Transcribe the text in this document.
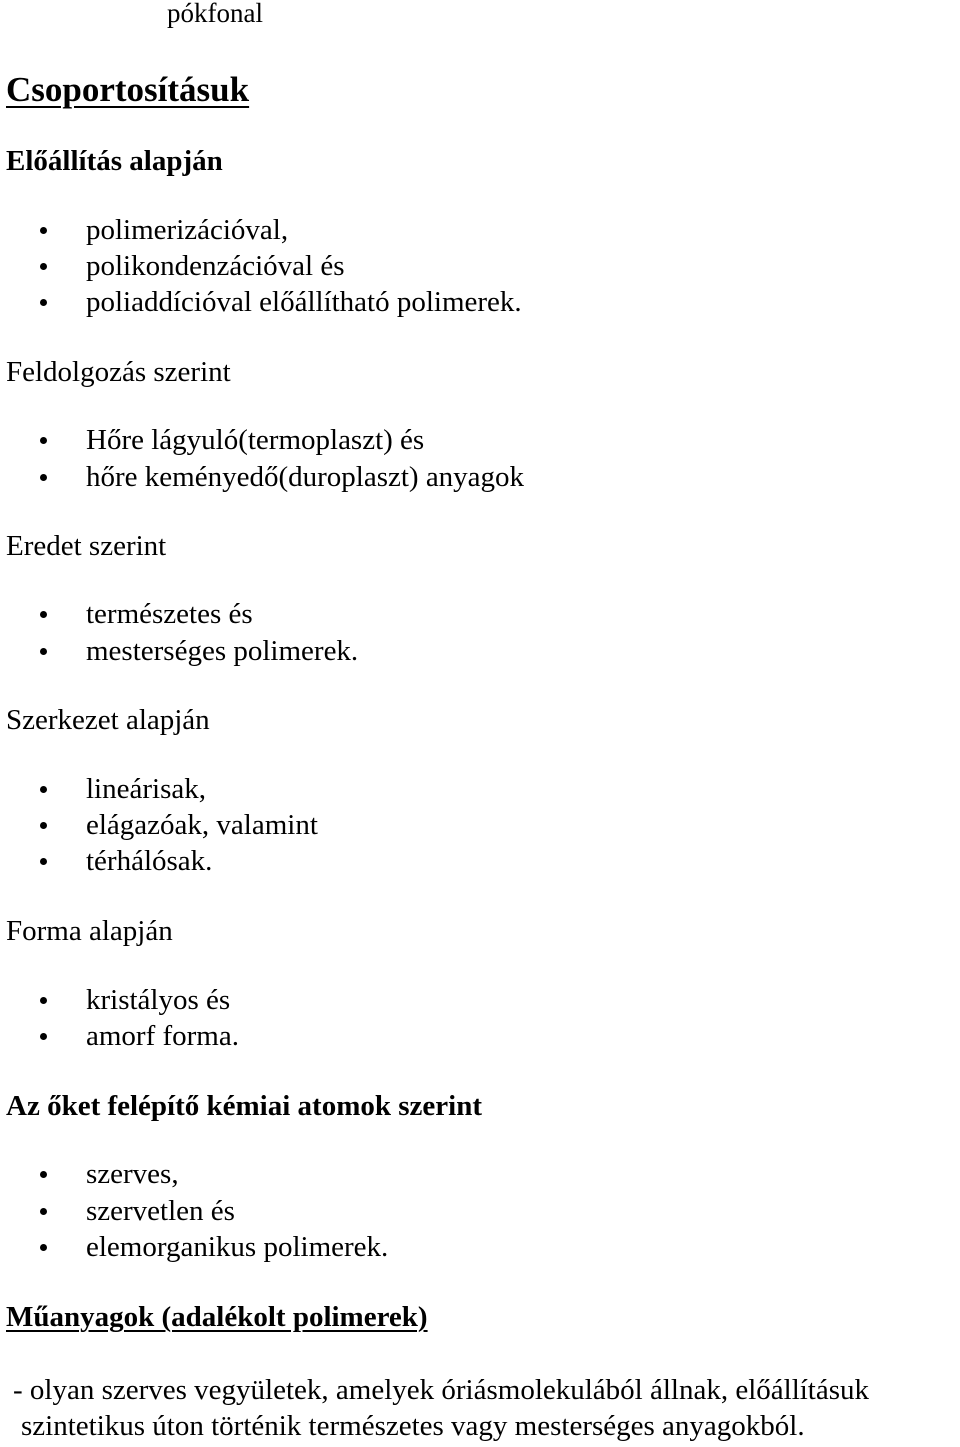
pókfonal
Csoportosításuk
Előállítás alapján
polimerizációval,
polikondenzációval és
poliaddícióval előállítható polimerek.
Feldolgozás szerint
Hőre lágyuló(termoplaszt) és
hőre keményedő(duroplaszt) anyagok
Eredet szerint
természetes és
mesterséges polimerek.
Szerkezet alapján
lineárisak,
elágazóak, valamint
térhálósak.
Forma alapján
kristályos és
amorf forma.
Az őket felépítő kémiai atomok szerint
szerves,
szervetlen és
elemorganikus polimerek.
Műanyagok (adalékolt polimerek)
- olyan szerves vegyületek, amelyek óriásmolekulából állnak, előállításuk
szintetikus úton történik természetes vagy mesterséges anyagokból.
